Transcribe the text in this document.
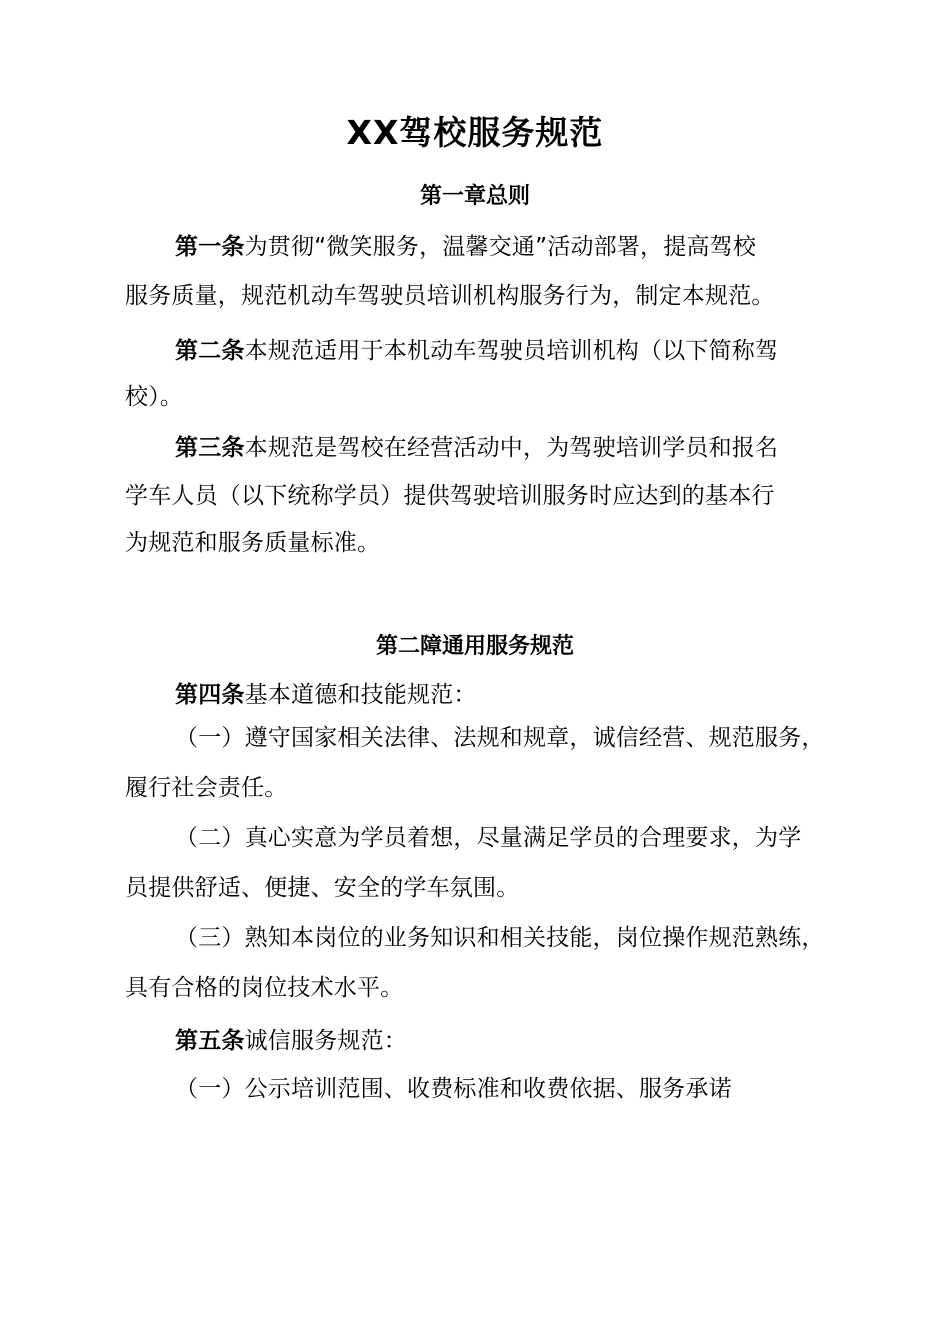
XX驾校服务规范
第一章总则
第一条为贯彻“微笑服务，温馨交通”活动部署，提高驾校
服务质量，规范机动车驾驶员培训机构服务行为，制定本规范。
第二条本规范适用于本机动车驾驶员培训机构（以下简称驾
校）。
第三条本规范是驾校在经营活动中，为驾驶培训学员和报名
学车人员（以下统称学员）提供驾驶培训服务时应达到的基本行
为规范和服务质量标准。
第二障通用服务规范
第四条基本道德和技能规范：
（一）遵守国家相关法律、法规和规章，诚信经营、规范服务，
履行社会责任。
（二）真心实意为学员着想，尽量满足学员的合理要求，为学
员提供舒适、便捷、安全的学车氛围。
（三）熟知本岗位的业务知识和相关技能，岗位操作规范熟练，
具有合格的岗位技术水平。
第五条诚信服务规范：
（一）公示培训范围、收费标准和收费依据、服务承诺
